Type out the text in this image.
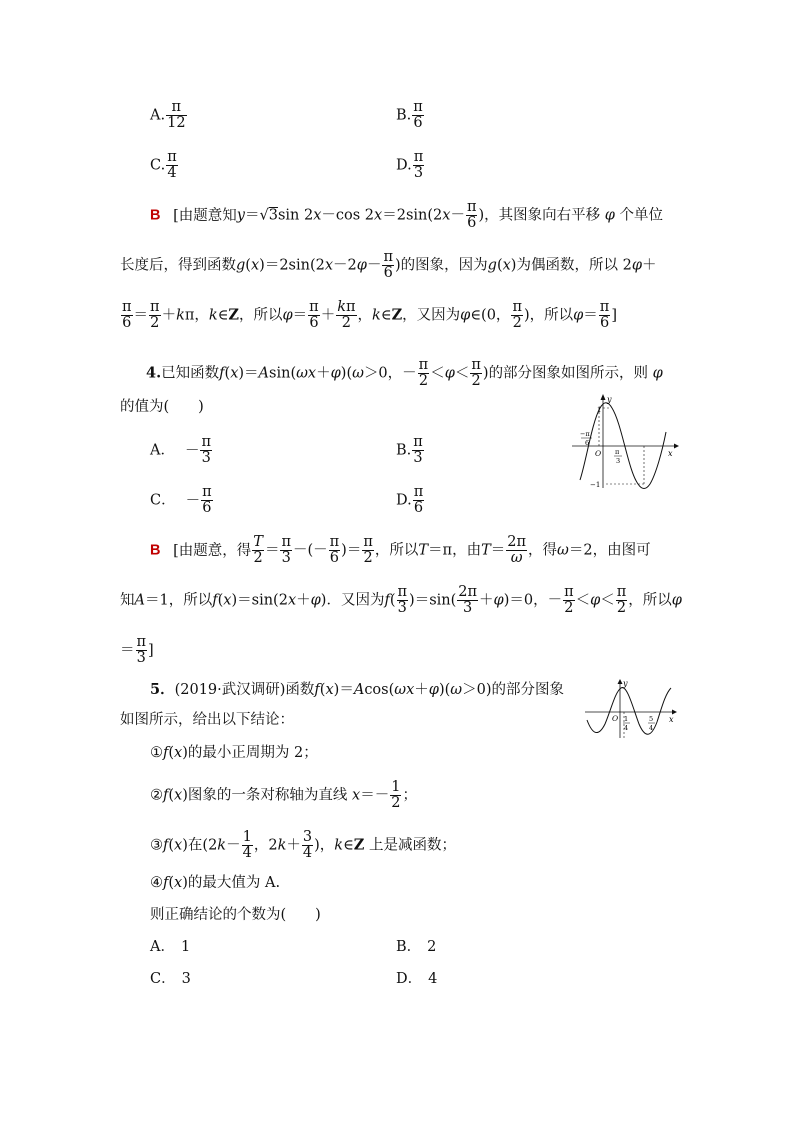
A. $\frac{\pi}{12}$	B. $\frac{\pi}{6}$
C. $\frac{\pi}{4}$	D. $\frac{\pi}{3}$
B [由题意知y＝√3sin 2x－cos $2x=2\sin(2x- \frac{\pi}{6}$ )，其图象向右平移 φ 个单位
长度后，得到函数$g(x)=2\sin(2x-2\varphi- \frac{\pi}{6}$ )的图象，因为g(x)为偶函数，所以 2φ＋
$\frac{\pi}{6} = \frac{\pi}{2} +k\pi$，k∈Z，所以$\varphi= \frac{\pi}{6} + \frac{k\pi}{2}$ ，k∈Z，又因为φ∈(0， $\frac{\pi}{2}$ )，所以$\varphi= \frac{\pi}{6}$ ]
4.已知函数f(x)＝Asin(ωx＋φ)(ω＞0，－ $\frac{\pi}{2} <\varphi< \frac{\pi}{2}$ )的部分图象如图所示，则 φ
的值为(　　)
A． － $\frac{\pi}{3}$	B. $\frac{\pi}{3}$
C． － $\frac{\pi}{6}$	D. $\frac{\pi}{6}$
y
x
O
1
−1
−π
6
π
3
B [由题意，得 $\frac{T}{2} = \frac{\pi}{3}$ －(－ $\frac{\pi}{6}$ )＝ $\frac{\pi}{2}$ ，所以T＝π，由$T= \frac{2\pi}{\omega}$ ，得ω＝2，由图可
知A＝1，所以f(x)＝sin(2x＋φ)．又因为$f( \frac{\pi}{3} )=\sin( \frac{2\pi}{3} +\varphi)=0$，－ $\frac{\pi}{2} <\varphi< \frac{\pi}{2}$ ，所以φ
＝ $\frac{\pi}{3}$ ]
5．(2019·武汉调研)函数f(x)＝Acos(ωx＋φ)(ω＞0)的部分图象
如图所示，给出以下结论：
y
x
O 1
4
5
4
①f(x)的最小正周期为 2；
②f(x)图象的一条对称轴为直线 $x=- \frac{1}{2}$ ；
③f(x)在($2k- \frac{1}{4}$ ，$2k+ \frac{3}{4}$ )，k∈Z 上是减函数；
④f(x)的最大值为 A.
则正确结论的个数为(　　)
A． 1	B． 2
C． 3	D． 4
